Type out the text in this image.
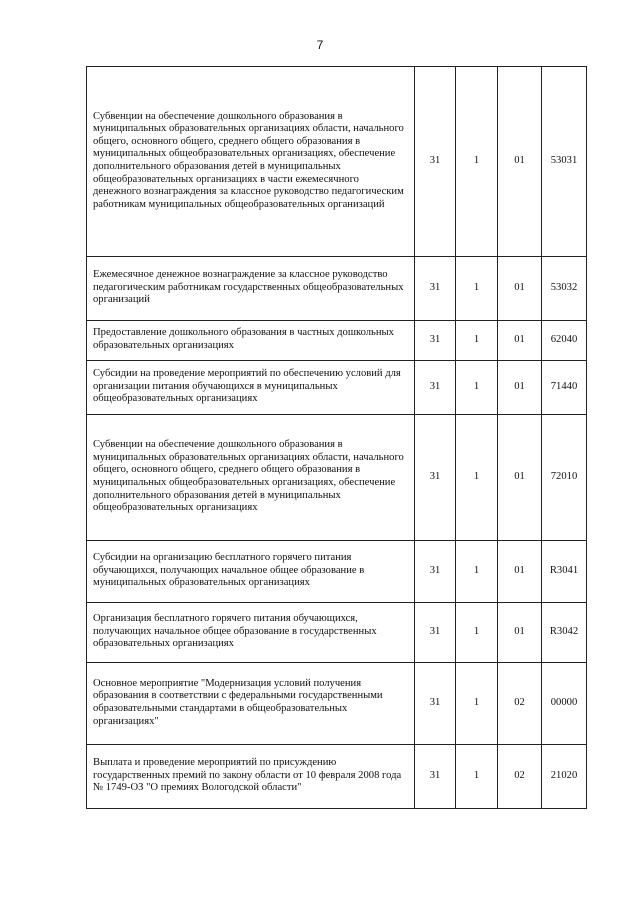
7
Субвенции на обеспечение дошкольного образования в муниципальных образовательных организациях области, начального общего, основного общего, среднего общего образования в муниципальных общеобразовательных организациях, обеспечение дополнительного образования детей в муниципальных общеобразовательных организациях в части ежемесячного денежного вознаграждения за классное руководство педагогическим работникам муниципальных общеобразовательных организаций	31	1	01	53031
Ежемесячное денежное вознаграждение за классное руководство педагогическим работникам государственных общеобразовательных организаций	31	1	01	53032
Предоставление дошкольного образования в частных дошкольных образовательных организациях	31	1	01	62040
Субсидии на проведение мероприятий по обеспечению условий для организации питания обучающихся в муниципальных общеобразовательных организациях	31	1	01	71440
Субвенции на обеспечение дошкольного образования в муниципальных образовательных организациях области, начального общего, основного общего, среднего общего образования в муниципальных общеобразовательных организациях, обеспечение дополнительного образования детей в муниципальных общеобразовательных организациях	31	1	01	72010
Субсидии на организацию бесплатного горячего питания обучающихся, получающих начальное общее образование в муниципальных образовательных организациях	31	1	01	R3041
Организация бесплатного горячего питания обучающихся, получающих начальное общее образование в государственных образовательных организациях	31	1	01	R3042
Основное мероприятие "Модернизация условий получения образования в соответствии с федеральными государственными образовательными стандартами в общеобразовательных организациях"	31	1	02	00000
Выплата и проведение мероприятий по присуждению государственных премий по закону области от 10 февраля 2008 года № 1749-ОЗ "О премиях Вологодской области"	31	1	02	21020
